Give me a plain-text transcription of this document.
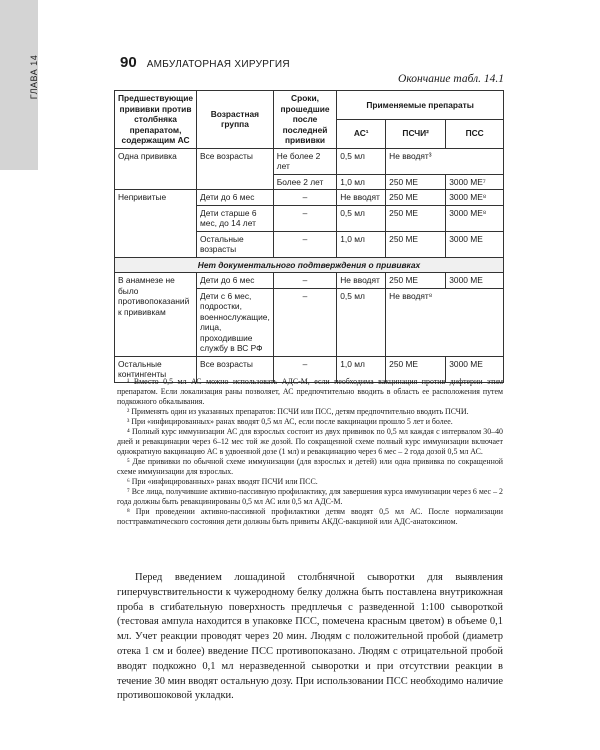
ГЛАВА 14	90 АМБУЛАТОРНАЯ ХИРУРГИЯ
Окончание табл. 14.1
Предшествующие прививки против столбняка препаратом, содержащим АС	Возрастная группа	Сроки, прошедшие после последней прививки	Применяемые препараты		
			АС¹	ПСЧИ²	ПСС
Одна прививка	Все возрасты	Не более 2 лет	0,5 мл	Не вводят³	
		Более 2 лет	1,0 мл	250 МЕ	3000 МЕ⁷
Непривитые	Дети до 6 мес	–	Не вводят	250 МЕ	3000 МЕ⁸
	Дети старше 6 мес, до 14 лет	–	0,5 мл	250 МЕ	3000 МЕ⁸
	Остальные возрасты	–	1,0 мл	250 МЕ	3000 МЕ
Нет документального подтверждения о прививках					
В анамнезе не было противопоказаний к прививкам	Дети до 6 мес	–	Не вводят	250 МЕ	3000 МЕ
	Дети с 6 мес, подростки, военнослужащие, лица, проходившие службу в ВС РФ	–	0,5 мл	Не вводят⁸	
Остальные контингенты	Все возрасты	–	1,0 мл	250 МЕ	3000 МЕ

¹ Вместо 0,5 мл АС можно использовать АДС-М, если необходима вакцинация против дифтерии этим препаратом. Если локализация раны позволяет, АС предпочтительно вводить в область ее расположения путем подкожного обкалывания.

² Применять один из указанных препаратов: ПСЧИ или ПСС, детям предпочтительно вводить ПСЧИ.

³ При «инфицированных» ранах вводят 0,5 мл АС, если после вакцинации прошло 5 лет и более.

⁴ Полный курс иммунизации АС для взрослых состоит из двух прививок по 0,5 мл каждая с интервалом 30–40 дней и ревакцинации через 6–12 мес той же дозой. По сокращенной схеме полный курс иммунизации включает однократную вакцинацию АС в удвоенной дозе (1 мл) и ревакцинацию через 6 мес – 2 года дозой 0,5 мл АС.

⁵ Две прививки по обычной схеме иммунизации (для взрослых и детей) или одна прививка по сокращенной схеме иммунизации для взрослых.

⁶ При «инфицированных» ранах вводят ПСЧИ или ПСС.

⁷ Все лица, получившие активно-пассивную профилактику, для завершения курса иммунизации через 6 мес – 2 года должны быть ревакцинированы 0,5 мл АС или 0,5 мл АДС-М.

⁸ При проведении активно-пассивной профилактики детям вводят 0,5 мл АС. После нормализации посттравматического состояния дети должны быть привиты АКДС-вакциной или АДС-анатоксином.

Перед введением лошадиной столбнячной сыворотки для выявления гиперчувствительности к чужеродному белку должна быть поставлена внутрикожная проба в сгибательную поверхность предплечья с разведенной 1:100 сывороткой (тестовая ампула находится в упаковке ПСС, помечена красным цветом) в объеме 0,1 мл. Учет реакции проводят через 20 мин. Людям с положительной пробой (диаметр отека 1 см и более) введение ПСС противопоказано. Людям с отрицательной пробой вводят подкожно 0,1 мл неразведенной сыворотки и при отсутствии реакции в течение 30 мин вводят остальную дозу. При использовании ПСС необходимо наличие противошоковой укладки.
